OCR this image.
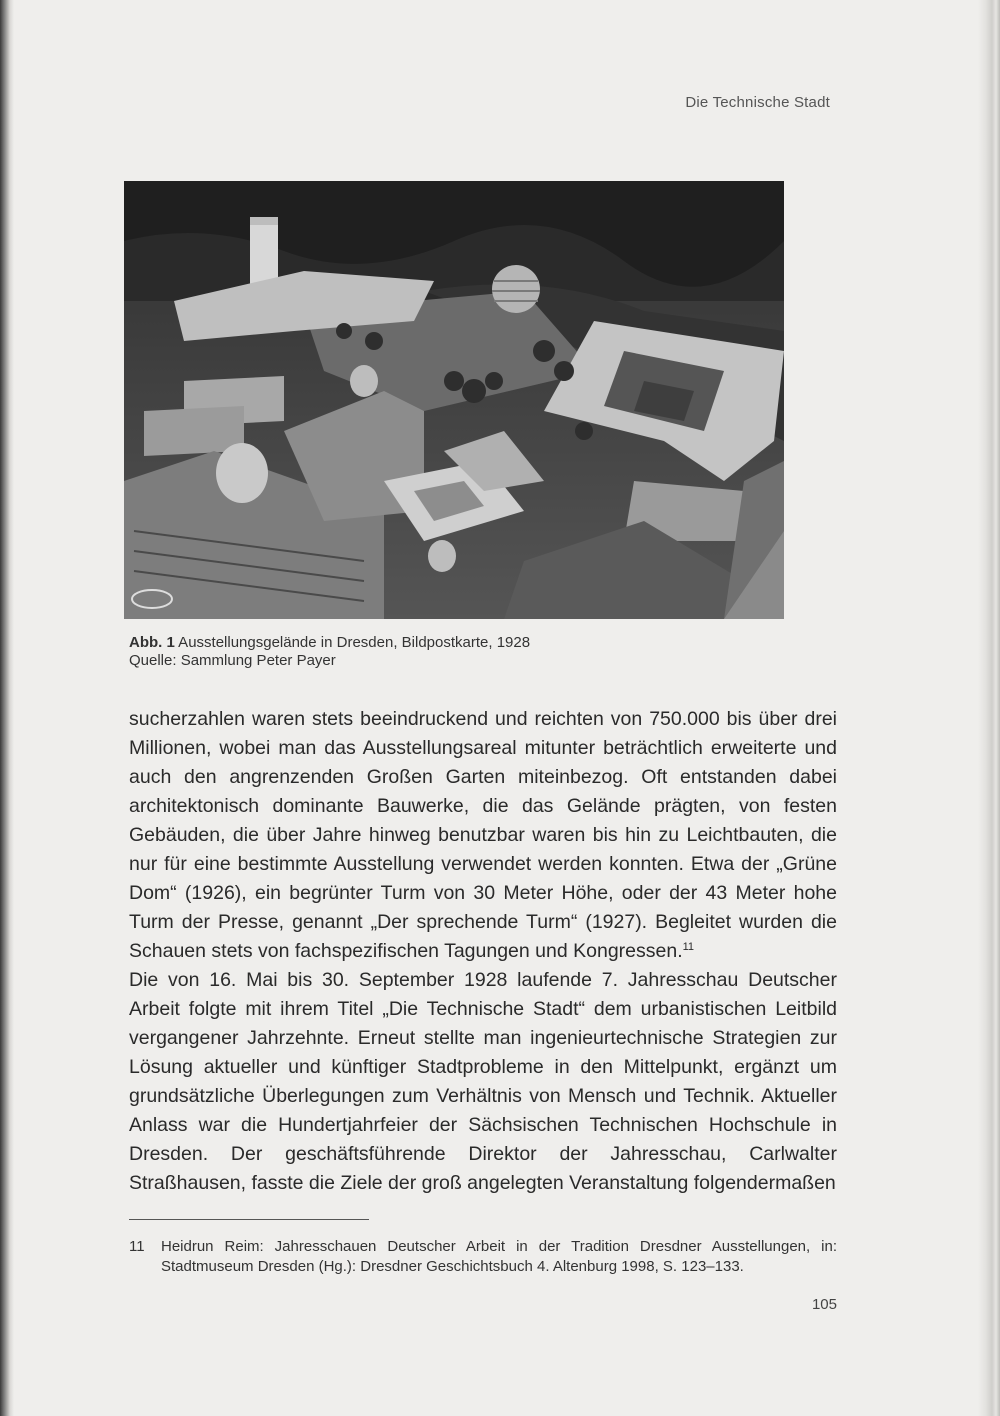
Die Technische Stadt
Abb. 1 Ausstellungsgelände in Dresden, Bildpostkarte, 1928
Quelle: Sammlung Peter Payer

sucherzahlen waren stets beeindruckend und reichten von 750.000 bis über drei Millionen, wobei man das Ausstellungsareal mitunter beträchtlich erweiterte und auch den angrenzenden Großen Garten miteinbezog. Oft entstanden dabei architektonisch dominante Bauwerke, die das Gelände prägten, von festen Gebäuden, die über Jahre hinweg benutzbar waren bis hin zu Leichtbauten, die nur für eine bestimmte Ausstellung verwendet werden konnten. Etwa der „Grüne Dom“ (1926), ein begrünter Turm von 30 Meter Höhe, oder der 43 Meter hohe Turm der Presse, genannt „Der sprechende Turm“ (1927). Begleitet wurden die Schauen stets von fachspezifischen Tagungen und Kongressen.$^{11}$

Die von 16. Mai bis 30. September 1928 laufende 7. Jahresschau Deutscher Arbeit folgte mit ihrem Titel „Die Technische Stadt“ dem urbanistischen Leitbild vergangener Jahrzehnte. Erneut stellte man ingenieurtechnische Strategien zur Lösung aktueller und künftiger Stadtprobleme in den Mittelpunkt, ergänzt um grundsätzliche Überlegungen zum Verhältnis von Mensch und Technik. Aktueller Anlass war die Hundertjahrfeier der Sächsischen Technischen Hochschule in Dresden. Der geschäftsführende Direktor der Jahresschau, Carlwalter Straßhausen, fasste die Ziele der groß angelegten Veranstaltung folgendermaßen

11 Heidrun Reim: Jahresschauen Deutscher Arbeit in der Tradition Dresdner Ausstellungen, in: Stadtmuseum Dresden (Hg.): Dresdner Geschichtsbuch 4. Altenburg 1998, S. 123–133.
105
